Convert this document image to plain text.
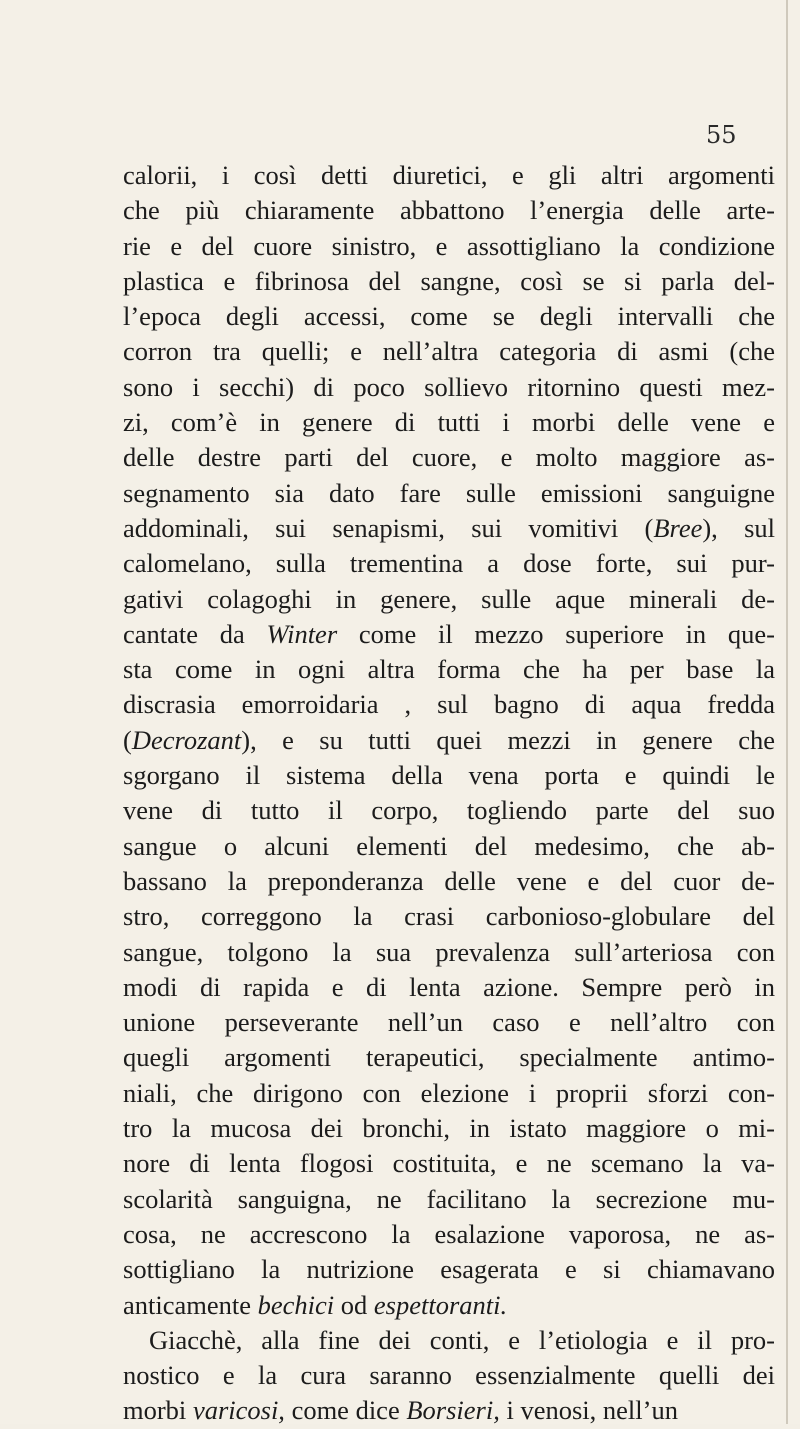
55
calorii, i così detti diuretici, e gli altri argomenti
che più chiaramente abbattono l’energia delle arte-
rie e del cuore sinistro, e assottigliano la condizione
plastica e fibrinosa del sangne, così se si parla del-
l’epoca degli accessi, come se degli intervalli che
corron tra quelli; e nell’altra categoria di asmi (che
sono i secchi) di poco sollievo ritornino questi mez-
zi, com’è in genere di tutti i morbi delle vene e
delle destre parti del cuore, e molto maggiore as-
segnamento sia dato fare sulle emissioni sanguigne
addominali, sui senapismi, sui vomitivi (Bree), sul
calomelano, sulla trementina a dose forte, sui pur-
gativi colagoghi in genere, sulle aque minerali de-
cantate da Winter come il mezzo superiore in que-
sta come in ogni altra forma che ha per base la
discrasia emorroidaria , sul bagno di aqua fredda
(Decrozant), e su tutti quei mezzi in genere che
sgorgano il sistema della vena porta e quindi le
vene di tutto il corpo, togliendo parte del suo
sangue o alcuni elementi del medesimo, che ab-
bassano la preponderanza delle vene e del cuor de-
stro, correggono la crasi carbonioso-globulare del
sangue, tolgono la sua prevalenza sull’arteriosa con
modi di rapida e di lenta azione. Sempre però in
unione perseverante nell’un caso e nell’altro con
quegli argomenti terapeutici, specialmente antimo-
niali, che dirigono con elezione i proprii sforzi con-
tro la mucosa dei bronchi, in istato maggiore o mi-
nore di lenta flogosi costituita, e ne scemano la va-
scolarità sanguigna, ne facilitano la secrezione mu-
cosa, ne accrescono la esalazione vaporosa, ne as-
sottigliano la nutrizione esagerata e si chiamavano
anticamente bechici od espettoranti.
Giacchè, alla fine dei conti, e l’etiologia e il pro-
nostico e la cura saranno essenzialmente quelli dei
morbi varicosi, come dice Borsieri, i venosi, nell’un
